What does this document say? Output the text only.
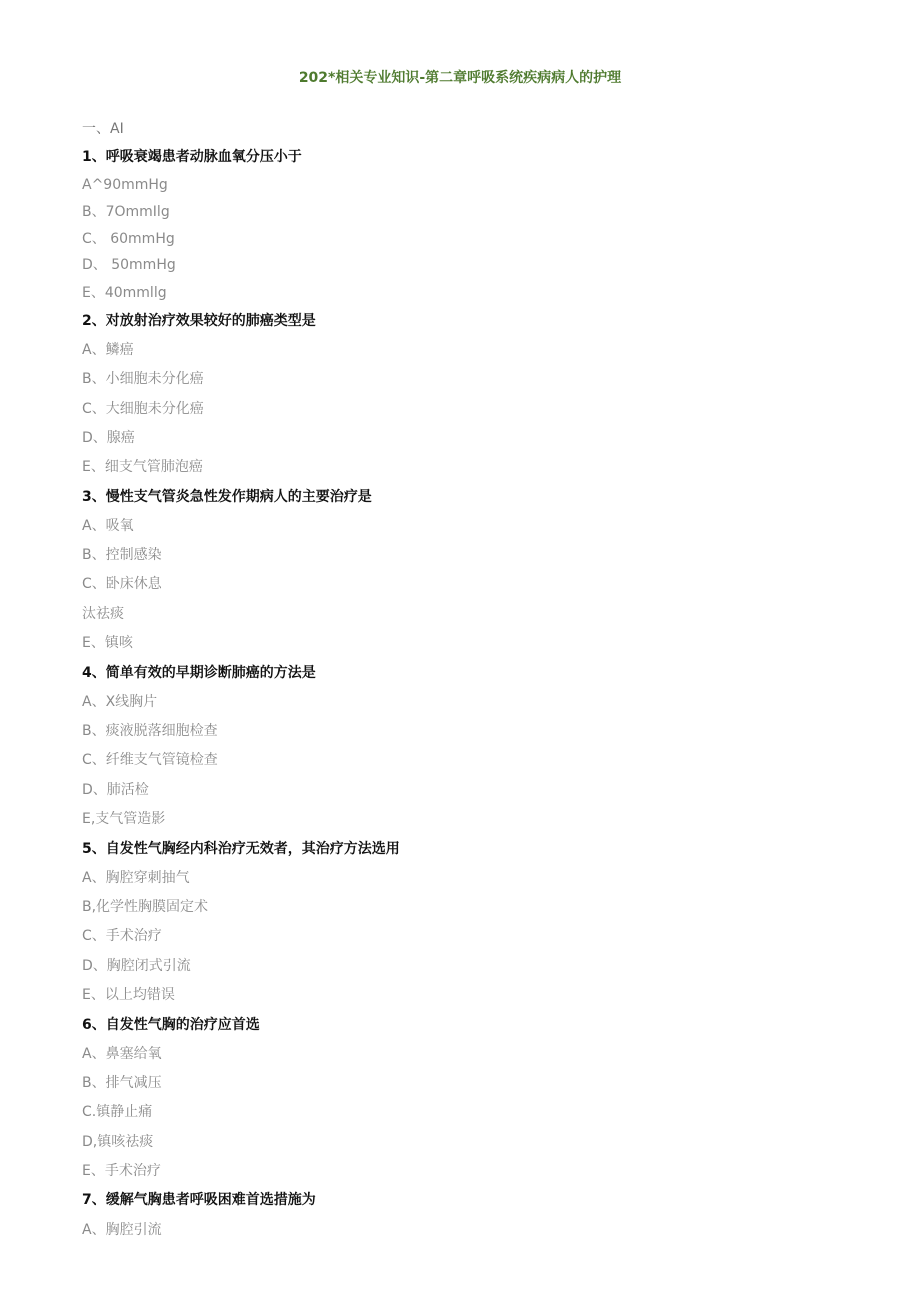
202*相关专业知识-第二章呼吸系统疾病病人的护理
一、AI
1、呼吸衰竭患者动脉血氧分压小于
A^90mmHg
B、7OmmIlg
C、 60mmHg
D、 50mmHg
E、40mmllg
2、对放射治疗效果较好的肺癌类型是
A、鳞癌
B、小细胞未分化癌
C、大细胞未分化癌
D、腺癌
E、细支气管肺泡癌
3、慢性支气管炎急性发作期病人的主要治疗是
A、吸氧
B、控制感染
C、卧床休息
汰祛痰
E、镇咳
4、简单有效的早期诊断肺癌的方法是
A、X线胸片
B、痰液脱落细胞检查
C、纤维支气管镜检查
D、肺活检
E,支气管造影
5、自发性气胸经内科治疗无效者，其治疗方法选用
A、胸腔穿刺抽气
B,化学性胸膜固定术
C、手术治疗
D、胸腔闭式引流
E、以上均错误
6、自发性气胸的治疗应首选
A、鼻塞给氧
B、排气减压
C.镇静止痛
D,镇咳祛痰
E、手术治疗
7、缓解气胸患者呼吸困难首选措施为
A、胸腔引流
